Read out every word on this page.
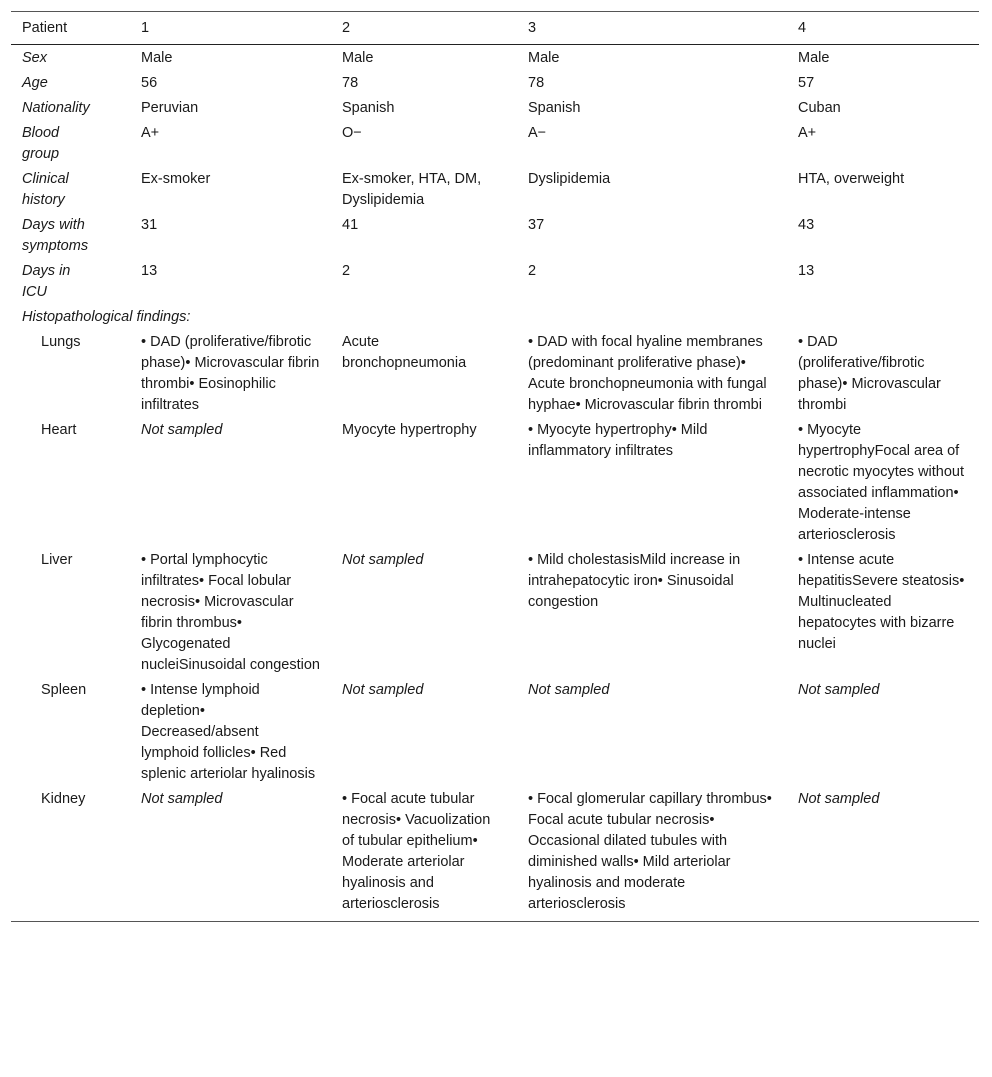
Patient	1	2	3	4
Sex	Male	Male	Male	Male
Age	56	78	78	57
Nationality	Peruvian	Spanish	Spanish	Cuban
Blood
group	A+	O−	A−	A+
Clinical
history	Ex-smoker	Ex-smoker, HTA, DM, Dyslipidemia	Dyslipidemia	HTA, overweight
Days with
symptoms	31	41	37	43
Days in
ICU	13	2	2	13
Histopathological findings:				
Lungs	• DAD (proliferative/fibrotic phase)• Microvascular fibrin thrombi• Eosinophilic infiltrates	Acute bronchopneumonia	• DAD with focal hyaline membranes (predominant proliferative phase)• Acute bronchopneumonia with fungal hyphae• Microvascular fibrin thrombi	• DAD (proliferative/fibrotic phase)• Microvascular thrombi
Heart	Not sampled	Myocyte hypertrophy	• Myocyte hypertrophy• Mild inflammatory infiltrates	• Myocyte hypertrophyFocal area of necrotic myocytes without associated inflammation• Moderate-intense arteriosclerosis
Liver	• Portal lymphocytic infiltrates• Focal lobular necrosis• Microvascular fibrin thrombus• Glycogenated nucleiSinusoidal congestion	Not sampled	• Mild cholestasisMild increase in intrahepatocytic iron• Sinusoidal congestion	• Intense acute hepatitisSevere steatosis• Multinucleated hepatocytes with bizarre nuclei
Spleen	• Intense lymphoid depletion• Decreased/absent lymphoid follicles• Red splenic arteriolar hyalinosis	Not sampled	Not sampled	Not sampled
Kidney	Not sampled	• Focal acute tubular necrosis• Vacuolization of tubular epithelium• Moderate arteriolar hyalinosis and arteriosclerosis	• Focal glomerular capillary thrombus• Focal acute tubular necrosis• Occasional dilated tubules with diminished walls• Mild arteriolar hyalinosis and moderate arteriosclerosis	Not sampled
